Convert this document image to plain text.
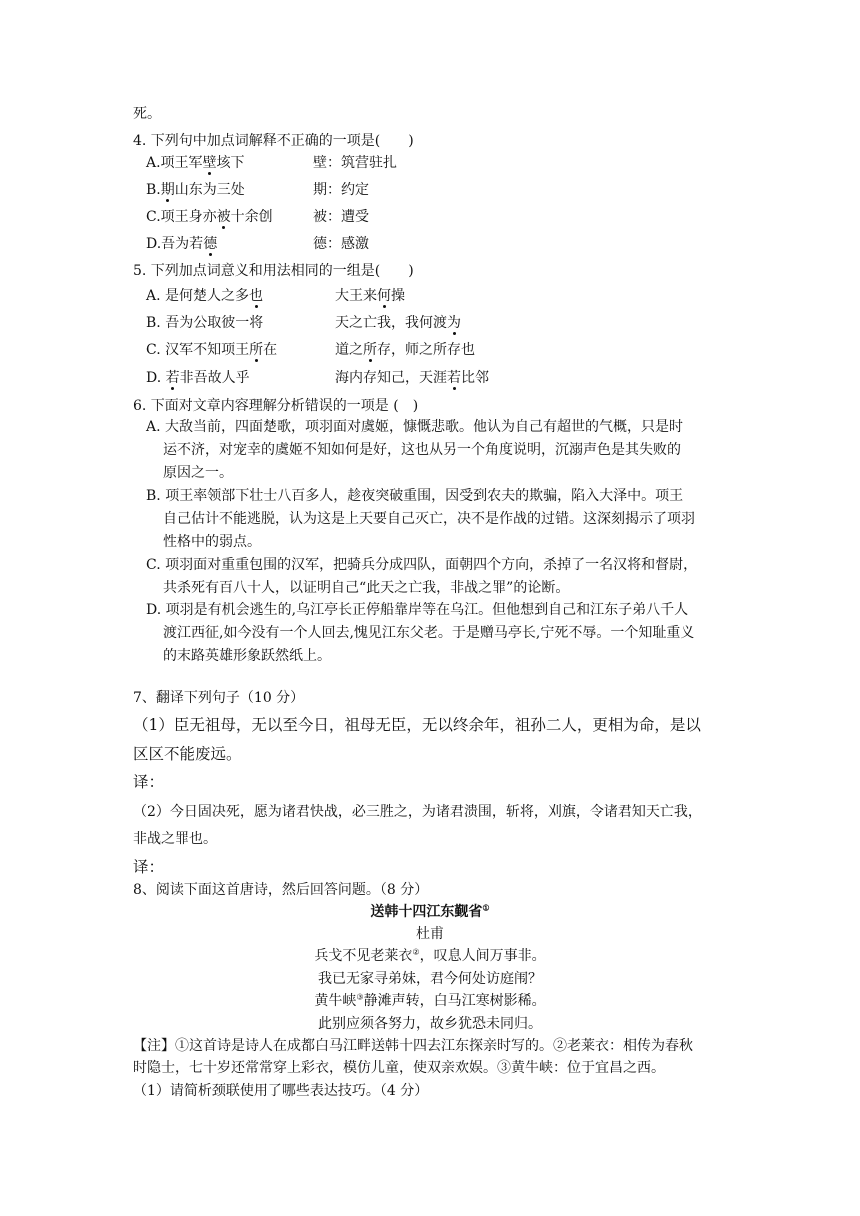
死。
4. 下列句中加点词解释不正确的一项是(　　)
A.项王军壁垓下	壁：筑营驻扎
B.期山东为三处	期：约定
C.项王身亦被十余创	被：遭受
D.吾为若德	德：感激
5. 下列加点词意义和用法相同的一组是(　　)
A. 是何楚人之多也	大王来何操
B. 吾为公取彼一将	天之亡我，我何渡为
C. 汉军不知项王所在	道之所存，师之所存也
D. 若非吾故人乎	海内存知己，天涯若比邻
6. 下面对文章内容理解分析错误的一项是 (　)
A. 大敌当前，四面楚歌，项羽面对虞姬，慷慨悲歌。他认为自己有超世的气概，只是时
运不济，对宠幸的虞姬不知如何是好，这也从另一个角度说明，沉溺声色是其失败的
原因之一。
B. 项王率领部下壮士八百多人，趁夜突破重围，因受到农夫的欺骗，陷入大泽中。项王
自己估计不能逃脱，认为这是上天要自己灭亡，决不是作战的过错。这深刻揭示了项羽
性格中的弱点。
C. 项羽面对重重包围的汉军，把骑兵分成四队，面朝四个方向，杀掉了一名汉将和督尉，
共杀死有百八十人，以证明自己“此天之亡我，非战之罪”的论断。
D. 项羽是有机会逃生的,乌江亭长正停船靠岸等在乌江。但他想到自己和江东子弟八千人
渡江西征,如今没有一个人回去,愧见江东父老。于是赠马亭长,宁死不辱。一个知耻重义
的末路英雄形象跃然纸上。
7、翻译下列句子（10 分）
（1）臣无祖母，无以至今日，祖母无臣，无以终余年，祖孙二人，更相为命，是以
区区不能废远。
译：
（2）今日固决死，愿为诸君快战，必三胜之，为诸君溃围，斩将，刈旗，令诸君知天亡我，
非战之罪也。
译：
8、阅读下面这首唐诗，然后回答问题。（8 分）
送韩十四江东觐省①
杜甫
兵戈不见老莱衣②，叹息人间万事非。
我已无家寻弟妹，君今何处访庭闱？
黄牛峡③静滩声转，白马江寒树影稀。
此别应须各努力，故乡犹恐未同归。
【注】①这首诗是诗人在成都白马江畔送韩十四去江东探亲时写的。②老莱衣：相传为春秋
时隐士，七十岁还常常穿上彩衣，模仿儿童，使双亲欢娱。③黄牛峡：位于宜昌之西。
（1）请简析颈联使用了哪些表达技巧。（4 分）
